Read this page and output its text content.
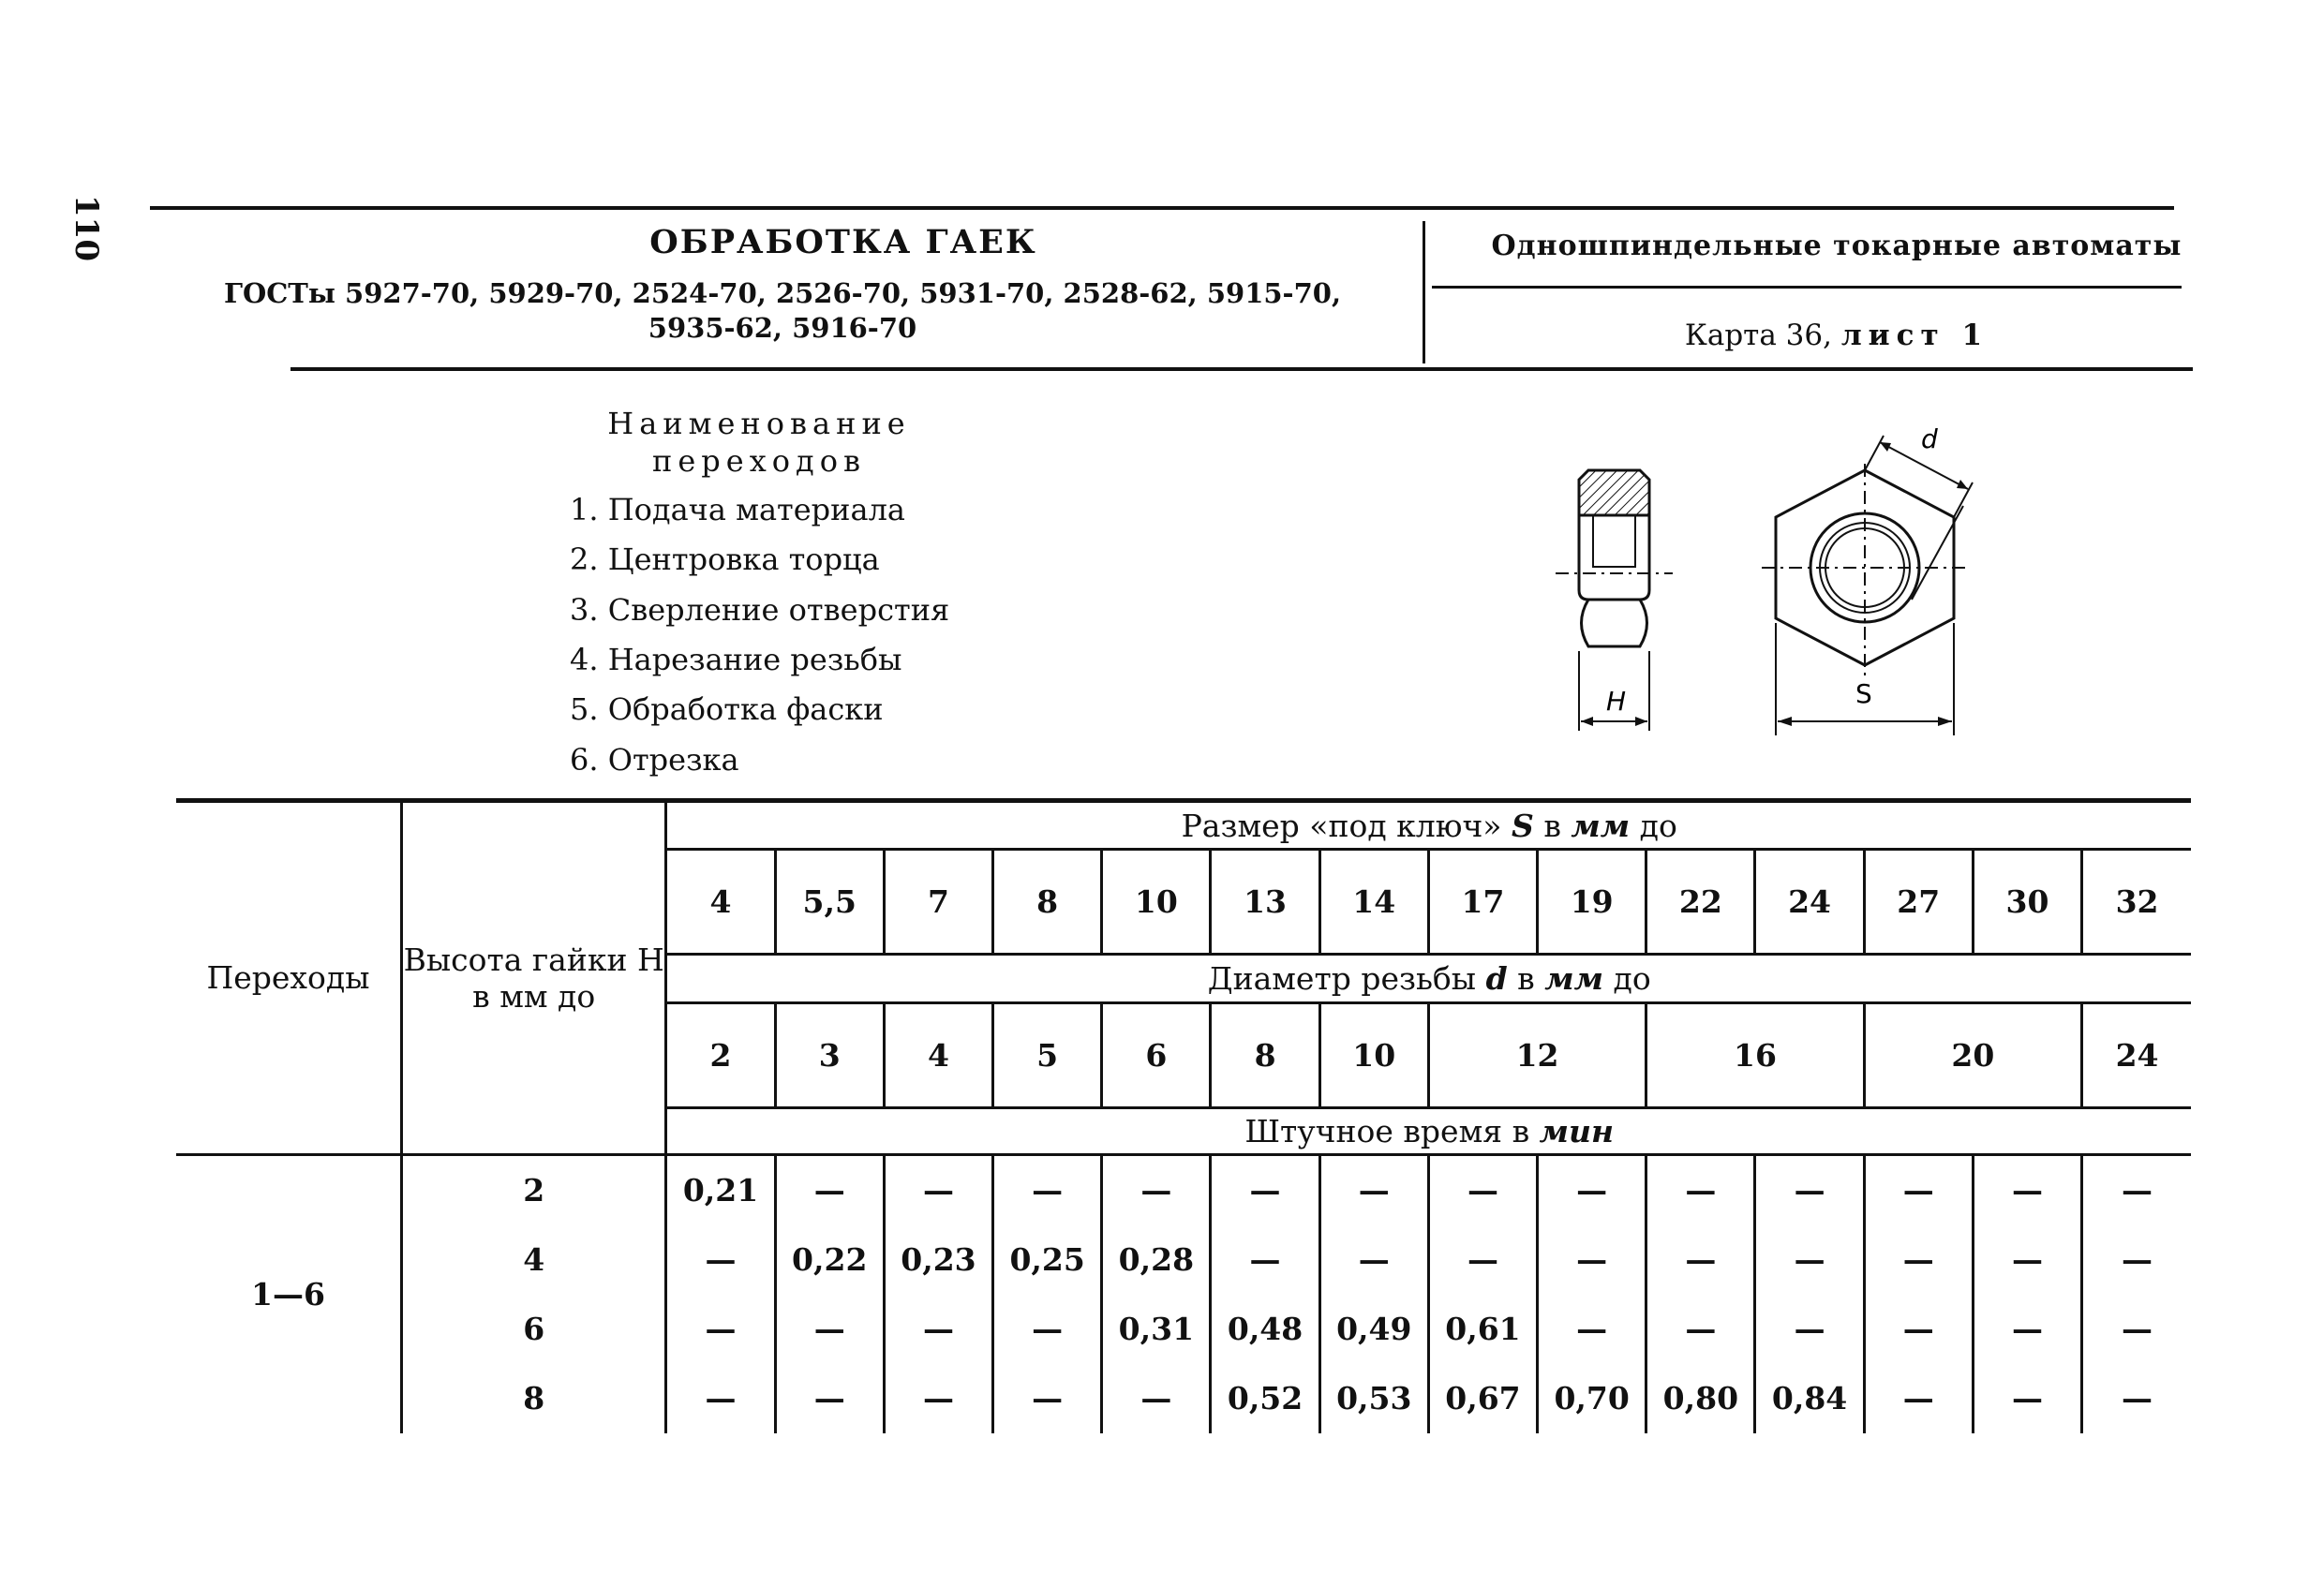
110	ОБРАБОТКА ГАЕК
ГОСТы 5927-70, 5929-70, 2524-70, 2526-70, 5931-70, 2528-62, 5915-70,
5935-62, 5916-70
Одношпиндельные токарные автоматы
Карта 36, лист 1
Наименование
переходов
1. Подача материала
2. Центровка торца
3. Сверление отверстия
4. Нарезание резьбы
5. Обработка фаски
6. Отрезка
H	S
d
Переходы	Высота гайки H
в мм до	Размер «под ключ» S в мм до													
		4	5,5	7	8	10	13	14	17	19	22	24	27	30	32
		Диаметр резьбы d в мм до													
		2	3	4	5	6	8	10	12		16		20		24
		Штучное время в мин													

1—6	2	0,21	—	—	—	—	—	—	—	—	—	—	—	—	—
	4	—	0,22	0,23	0,25	0,28	—	—	—	—	—	—	—	—	—
	6	—	—	—	—	0,31	0,48	0,49	0,61	—	—	—	—	—	—
	8	—	—	—	—	—	0,52	0,53	0,67	0,70	0,80	0,84	—	—	—
